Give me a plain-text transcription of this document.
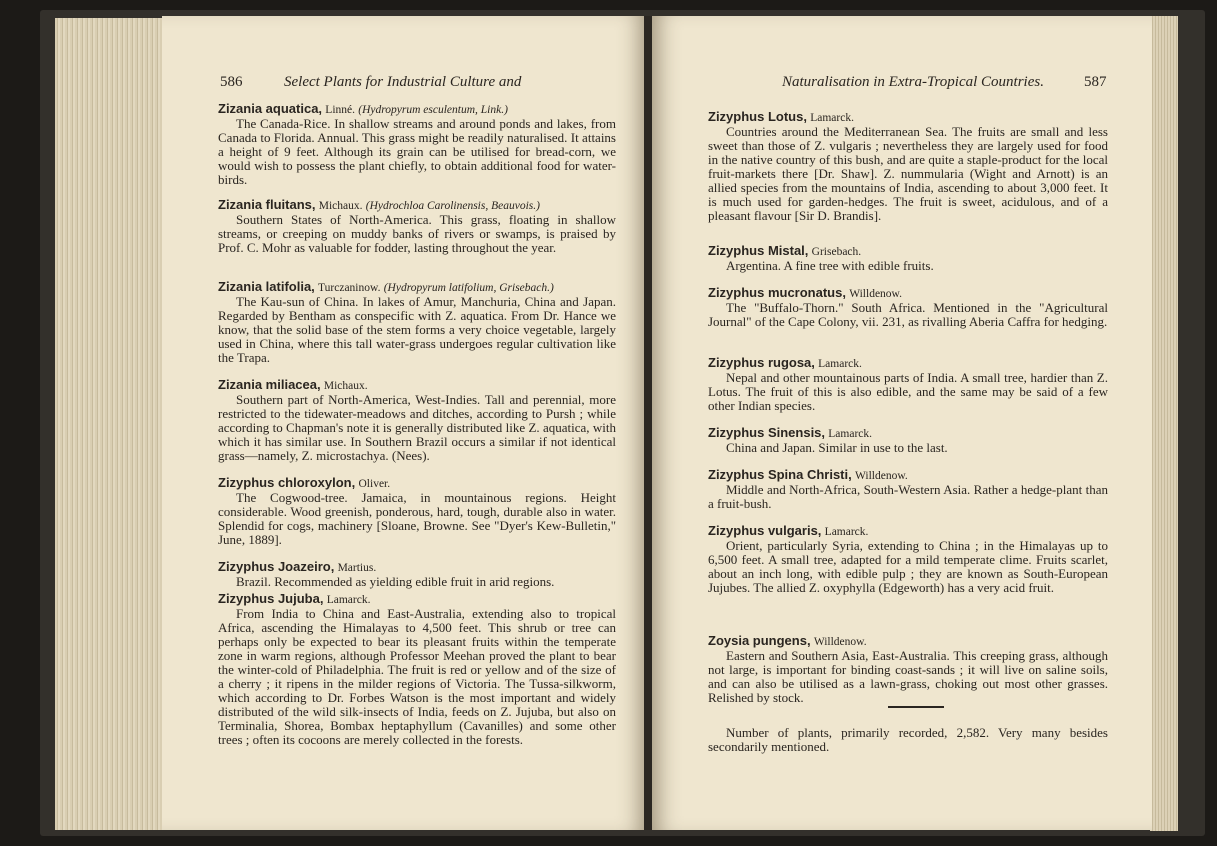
586	Select Plants for Industrial Culture and

Zizania aquatica, Linné. (Hydropyrum esculentum, Link.)

The Canada-Rice. In shallow streams and around ponds and lakes, from Canada to Florida. Annual. This grass might be readily naturalised. It attains a height of 9 feet. Although its grain can be utilised for bread-corn, we would wish to possess the plant chiefly, to obtain additional food for water-birds.

Zizania fluitans, Michaux. (Hydrochloa Carolinensis, Beauvois.)

Southern States of North-America. This grass, floating in shallow streams, or creeping on muddy banks of rivers or swamps, is praised by Prof. C. Mohr as valuable for fodder, lasting throughout the year.

Zizania latifolia, Turczaninow. (Hydropyrum latifolium, Grisebach.)

The Kau-sun of China. In lakes of Amur, Manchuria, China and Japan. Regarded by Bentham as conspecific with Z. aquatica. From Dr. Hance we know, that the solid base of the stem forms a very choice vegetable, largely used in China, where this tall water-grass undergoes regular cultivation like the Trapa.

Zizania miliacea, Michaux.

Southern part of North-America, West-Indies. Tall and perennial, more restricted to the tidewater-meadows and ditches, according to Pursh ; while according to Chapman's note it is generally distributed like Z. aquatica, with which it has similar use. In Southern Brazil occurs a similar if not identical grass—namely, Z. microstachya. (Nees).

Zizyphus chloroxylon, Oliver.

The Cogwood-tree. Jamaica, in mountainous regions. Height considerable. Wood greenish, ponderous, hard, tough, durable also in water. Splendid for cogs, machinery [Sloane, Browne. See "Dyer's Kew-Bulletin," June, 1889].

Zizyphus Joazeiro, Martius.

Brazil. Recommended as yielding edible fruit in arid regions.

Zizyphus Jujuba, Lamarck.

From India to China and East-Australia, extending also to tropical Africa, ascending the Himalayas to 4,500 feet. This shrub or tree can perhaps only be expected to bear its pleasant fruits within the temperate zone in warm regions, although Professor Meehan proved the plant to bear the winter-cold of Philadelphia. The fruit is red or yellow and of the size of a cherry ; it ripens in the milder regions of Victoria. The Tussa-silkworm, which according to Dr. Forbes Watson is the most important and widely distributed of the wild silk-insects of India, feeds on Z. Jujuba, but also on Terminalia, Shorea, Bombax heptaphyllum (Cavanilles) and some other trees ; often its cocoons are merely collected in the forests.

Naturalisation in Extra-Tropical Countries.	587

Zizyphus Lotus, Lamarck.

Countries around the Mediterranean Sea. The fruits are small and less sweet than those of Z. vulgaris ; nevertheless they are largely used for food in the native country of this bush, and are quite a staple-product for the local fruit-markets there [Dr. Shaw]. Z. nummularia (Wight and Arnott) is an allied species from the mountains of India, ascending to about 3,000 feet. It is much used for garden-hedges. The fruit is sweet, acidulous, and of a pleasant flavour [Sir D. Brandis].

Zizyphus Mistal, Grisebach.

Argentina. A fine tree with edible fruits.

Zizyphus mucronatus, Willdenow.

The "Buffalo-Thorn." South Africa. Mentioned in the "Agricultural Journal" of the Cape Colony, vii. 231, as rivalling Aberia Caffra for hedging.

Zizyphus rugosa, Lamarck.

Nepal and other mountainous parts of India. A small tree, hardier than Z. Lotus. The fruit of this is also edible, and the same may be said of a few other Indian species.

Zizyphus Sinensis, Lamarck.

China and Japan. Similar in use to the last.

Zizyphus Spina Christi, Willdenow.

Middle and North-Africa, South-Western Asia. Rather a hedge-plant than a fruit-bush.

Zizyphus vulgaris, Lamarck.

Orient, particularly Syria, extending to China ; in the Himalayas up to 6,500 feet. A small tree, adapted for a mild temperate clime. Fruits scarlet, about an inch long, with edible pulp ; they are known as South-European Jujubes. The allied Z. oxyphylla (Edgeworth) has a very acid fruit.

Zoysia pungens, Willdenow.

Eastern and Southern Asia, East-Australia. This creeping grass, although not large, is important for binding coast-sands ; it will live on saline soils, and can also be utilised as a lawn-grass, choking out most other grasses. Relished by stock.

Number of plants, primarily recorded, 2,582. Very many besides secondarily mentioned.
